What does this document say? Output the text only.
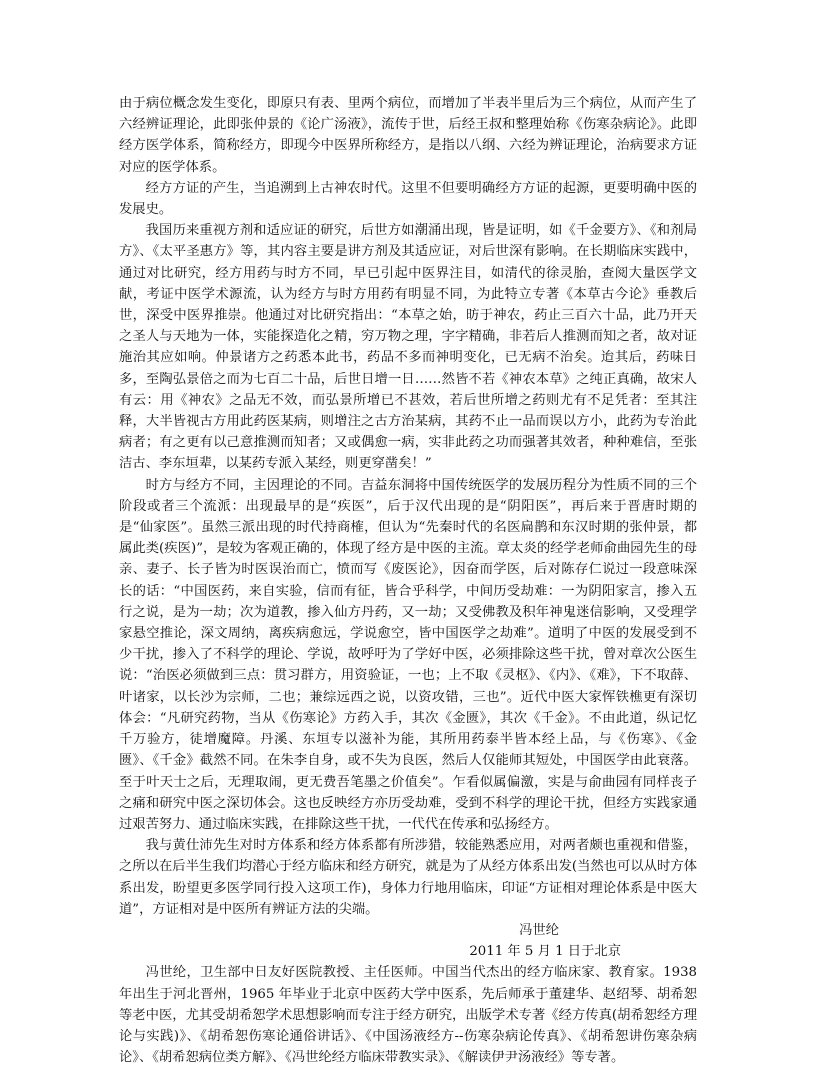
由于病位概念发生变化，即原只有表、里两个病位，而增加了半表半里后为三个病位，从而产生了六经辨证理论，此即张仲景的《论广汤液》，流传于世，后经王叔和整理始称《伤寒杂病论》。此即经方医学体系，简称经方，即现今中医界所称经方，是指以八纲、六经为辨证理论，治病要求方证对应的医学体系。

经方方证的产生，当追溯到上古神农时代。这里不但要明确经方方证的起源，更要明确中医的发展史。

我国历来重视方剂和适应证的研究，后世方如潮涌出现，皆是证明，如《千金要方》、《和剂局方》、《太平圣惠方》等，其内容主要是讲方剂及其适应证，对后世深有影响。在长期临床实践中，通过对比研究，经方用药与时方不同，早已引起中医界注目，如清代的徐灵胎，查阅大量医学文献，考证中医学术源流，认为经方与时方用药有明显不同，为此特立专著《本草古今论》垂教后世，深受中医界推崇。他通过对比研究指出：“本草之始，昉于神农，药止三百六十品，此乃开天之圣人与天地为一体，实能探造化之精，穷万物之理，字字精确，非若后人推测而知之者，故对证施治其应如响。仲景诸方之药悉本此书，药品不多而神明变化，已无病不治矣。迨其后，药味日多，至陶弘景倍之而为七百二十品，后世日增一日……然皆不若《神农本草》之纯正真确，故宋人有云：用《神农》之品无不效，而弘景所增已不甚效，若后世所增之药则尤有不足凭者：至其注释，大半皆视古方用此药医某病，则增注之古方治某病，其药不止一品而误以方小，此药为专治此病者；有之更有以己意推测而知者；又或偶愈一病，实非此药之功而强著其效者，种种难信，至张洁古、李东垣辈，以某药专派入某经，则更穿凿矣！”

时方与经方不同，主因理论的不同。吉益东洞将中国传统医学的发展历程分为性质不同的三个阶段或者三个流派：出现最早的是“疾医”，后于汉代出现的是“阴阳医”，再后来于晋唐时期的是“仙家医”。虽然三派出现的时代持商榷，但认为“先秦时代的名医扁鹊和东汉时期的张仲景，都属此类(疾医)”，是较为客观正确的，体现了经方是中医的主流。章太炎的经学老师俞曲园先生的母亲、妻子、长子皆为时医误治而亡，愤而写《废医论》，因奋而学医，后对陈存仁说过一段意味深长的话：“中国医药，来自实验，信而有征，皆合乎科学，中间历受劫难：一为阴阳家言，掺入五行之说，是为一劫；次为道教，掺入仙方丹药，又一劫；又受佛教及积年神鬼迷信影响，又受理学家悬空推论，深文周纳，离疾病愈远，学说愈空，皆中国医学之劫难”。道明了中医的发展受到不少干扰，掺入了不科学的理论、学说，故呼吁为了学好中医，必须排除这些干扰，曾对章次公医生说：“治医必须做到三点：贯习群方，用资验证，一也；上不取《灵枢》、《内》、《难》，下不取薛、叶诸家，以长沙为宗师，二也；兼综远西之说，以资攻错，三也”。近代中医大家恽铁樵更有深切体会：“凡研究药物，当从《伤寒论》方药入手，其次《金匮》，其次《千金》。不由此道，纵记忆千万验方，徒增魔障。丹溪、东垣专以滋补为能，其所用药泰半皆本经上品，与《伤寒》、《金匮》、《千金》截然不同。在朱李自身，或不失为良医，然后人仅能师其短处，中国医学由此衰落。至于叶天士之后，无理取闹，更无费吾笔墨之价值矣”。乍看似属偏激，实是与俞曲园有同样丧子之痛和研究中医之深切体会。这也反映经方亦历受劫难，受到不科学的理论干扰，但经方实践家通过艰苦努力、通过临床实践，在排除这些干扰，一代代在传承和弘扬经方。

我与黄仕沛先生对时方体系和经方体系都有所涉猎，较能熟悉应用，对两者颇也重视和借鉴，之所以在后半生我们均潜心于经方临床和经方研究，就是为了从经方体系出发(当然也可以从时方体系出发，盼望更多医学同行投入这项工作)，身体力行地用临床，印证“方证相对理论体系是中医大道”，方证相对是中医所有辨证方法的尖端。

冯世纶

2011 年 5 月 1 日于北京

冯世纶，卫生部中日友好医院教授、主任医师。中国当代杰出的经方临床家、教育家。1938年出生于河北晋州，1965 年毕业于北京中医药大学中医系，先后师承于董建华、赵绍琴、胡希恕等老中医，尤其受胡希恕学术思想影响而专注于经方研究，出版学术专著《经方传真(胡希恕经方理论与实践)》、《胡希恕伤寒论通俗讲话》、《中国汤液经方--伤寒杂病论传真》、《胡希恕讲伤寒杂病论》、《胡希恕病位类方解》、《冯世纶经方临床带教实录》、《解读伊尹汤液经》等专著。
